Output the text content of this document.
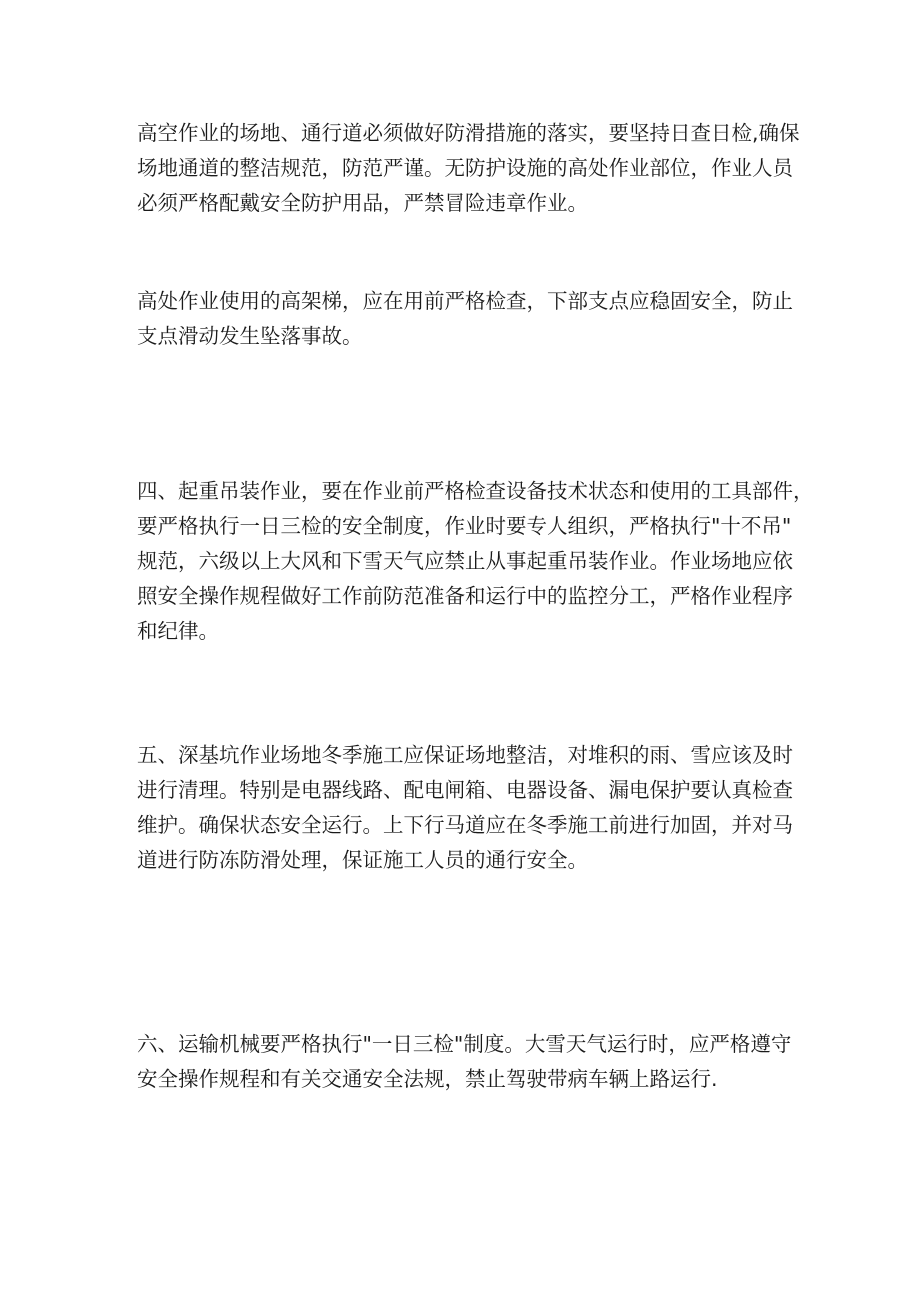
高空作业的场地、通行道必须做好防滑措施的落实，要坚持日查日检,确保
场地通道的整洁规范，防范严谨。无防护设施的高处作业部位，作业人员
必须严格配戴安全防护用品，严禁冒险违章作业。

高处作业使用的高架梯，应在用前严格检查，下部支点应稳固安全，防止
支点滑动发生坠落事故。

四、起重吊装作业，要在作业前严格检查设备技术状态和使用的工具部件，
要严格执行一日三检的安全制度，作业时要专人组织，严格执行"十不吊"
规范，六级以上大风和下雪天气应禁止从事起重吊装作业。作业场地应依
照安全操作规程做好工作前防范准备和运行中的监控分工，严格作业程序
和纪律。

五、深基坑作业场地冬季施工应保证场地整洁，对堆积的雨、雪应该及时
进行清理。特别是电器线路、配电闸箱、电器设备、漏电保护要认真检查
维护。确保状态安全运行。上下行马道应在冬季施工前进行加固，并对马
道进行防冻防滑处理，保证施工人员的通行安全。

六、运输机械要严格执行"一日三检"制度。大雪天气运行时，应严格遵守
安全操作规程和有关交通安全法规，禁止驾驶带病车辆上路运行.
